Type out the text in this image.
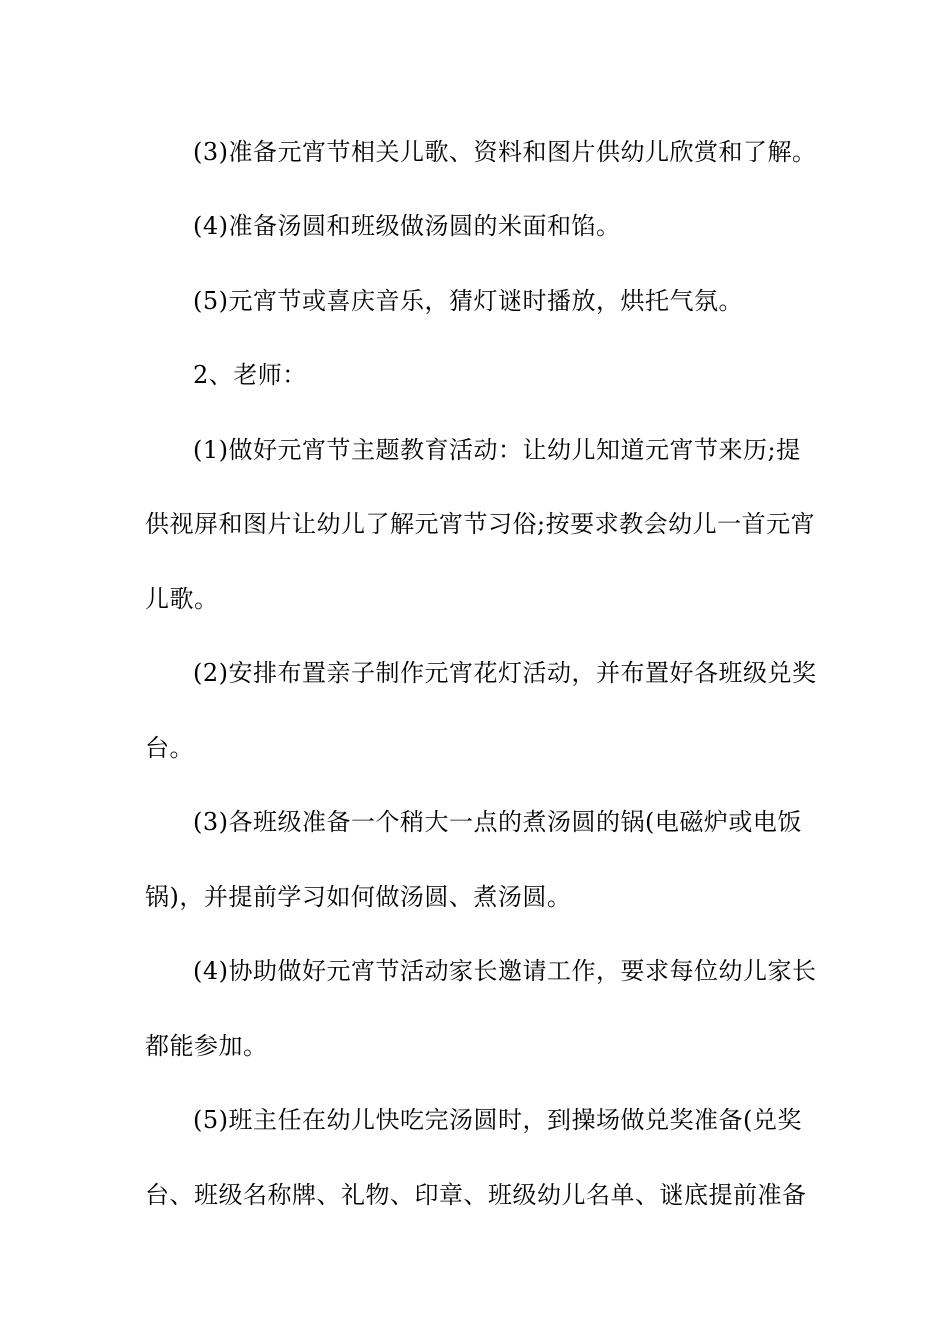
(3)准备元宵节相关儿歌、资料和图片供幼儿欣赏和了解。
(4)准备汤圆和班级做汤圆的米面和馅。
(5)元宵节或喜庆音乐，猜灯谜时播放，烘托气氛。
2、老师：
(1)做好元宵节主题教育活动：让幼儿知道元宵节来历;提
供视屏和图片让幼儿了解元宵节习俗;按要求教会幼儿一首元宵
儿歌。
(2)安排布置亲子制作元宵花灯活动，并布置好各班级兑奖
台。
(3)各班级准备一个稍大一点的煮汤圆的锅(电磁炉或电饭
锅)，并提前学习如何做汤圆、煮汤圆。
(4)协助做好元宵节活动家长邀请工作，要求每位幼儿家长
都能参加。
(5)班主任在幼儿快吃完汤圆时，到操场做兑奖准备(兑奖
台、班级名称牌、礼物、印章、班级幼儿名单、谜底提前准备
